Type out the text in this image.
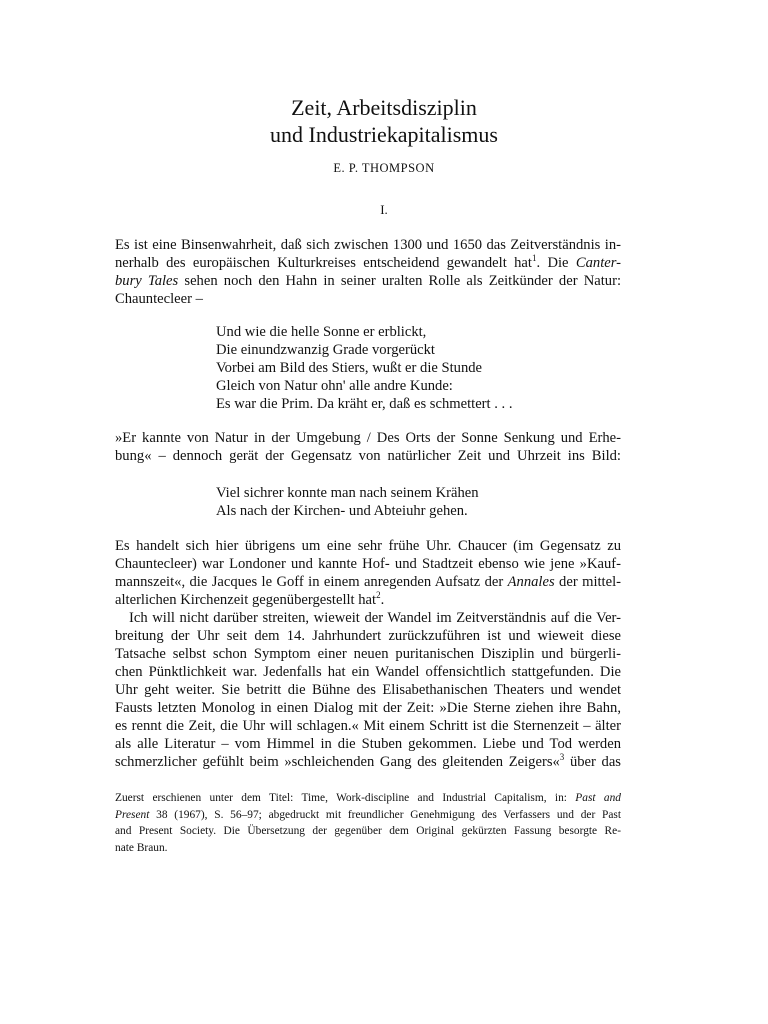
Zeit, Arbeitsdisziplin
und Industriekapitalismus
E. P. THOMPSON
I.
Es ist eine Binsenwahrheit, daß sich zwischen 1300 und 1650 das Zeitverständnis in-
nerhalb des europäischen Kulturkreises entscheidend gewandelt hat$^1$. Die Canter-
bury Tales sehen noch den Hahn in seiner uralten Rolle als Zeitkünder der Natur:
Chauntecleer –
Und wie die helle Sonne er erblickt,
Die einundzwanzig Grade vorgerückt
Vorbei am Bild des Stiers, wußt er die Stunde
Gleich von Natur ohn' alle andre Kunde:
Es war die Prim. Da kräht er, daß es schmettert . . .
»Er kannte von Natur in der Umgebung / Des Orts der Sonne Senkung und Erhe-
bung« – dennoch gerät der Gegensatz von natürlicher Zeit und Uhrzeit ins Bild:
Viel sichrer konnte man nach seinem Krähen
Als nach der Kirchen- und Abteiuhr gehen.
Es handelt sich hier übrigens um eine sehr frühe Uhr. Chaucer (im Gegensatz zu
Chauntecleer) war Londoner und kannte Hof- und Stadtzeit ebenso wie jene »Kauf-
mannszeit«, die Jacques le Goff in einem anregenden Aufsatz der Annales der mittel-
alterlichen Kirchenzeit gegenübergestellt hat$^2$.
Ich will nicht darüber streiten, wieweit der Wandel im Zeitverständnis auf die Ver-
breitung der Uhr seit dem 14. Jahrhundert zurückzuführen ist und wieweit diese
Tatsache selbst schon Symptom einer neuen puritanischen Disziplin und bürgerli-
chen Pünktlichkeit war. Jedenfalls hat ein Wandel offensichtlich stattgefunden. Die
Uhr geht weiter. Sie betritt die Bühne des Elisabethanischen Theaters und wendet
Fausts letzten Monolog in einen Dialog mit der Zeit: »Die Sterne ziehen ihre Bahn,
es rennt die Zeit, die Uhr will schlagen.« Mit einem Schritt ist die Sternenzeit – älter
als alle Literatur – vom Himmel in die Stuben gekommen. Liebe und Tod werden
schmerzlicher gefühlt beim »schleichenden Gang des gleitenden Zeigers«$^3$ über das
Zuerst erschienen unter dem Titel: Time, Work-discipline and Industrial Capitalism, in: Past and
Present 38 (1967), S. 56–97; abgedruckt mit freundlicher Genehmigung des Verfassers und der Past
and Present Society. Die Übersetzung der gegenüber dem Original gekürzten Fassung besorgte Re-
nate Braun.
